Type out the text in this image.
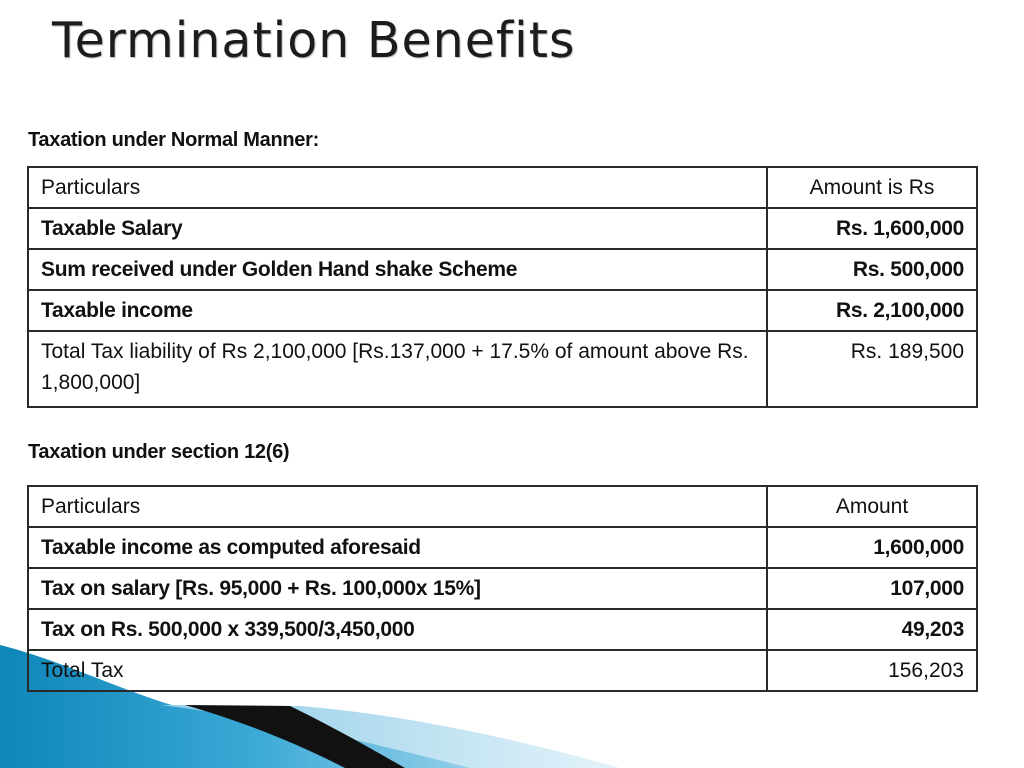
Termination Benefits
Taxation under Normal Manner:
Particulars	Amount is Rs
Taxable Salary	Rs. 1,600,000
Sum received under Golden Hand shake Scheme	Rs. 500,000
Taxable income	Rs. 2,100,000
Total Tax liability of Rs 2,100,000 [Rs.137,000 + 17.5% of amount above Rs. 1,800,000]	Rs. 189,500
Taxation under section 12(6)
Particulars	Amount
Taxable income as computed aforesaid	1,600,000
Tax on salary [Rs. 95,000 + Rs. 100,000x 15%]	107,000
Tax on Rs. 500,000 x 339,500/3,450,000	49,203
Total Tax	156,203
